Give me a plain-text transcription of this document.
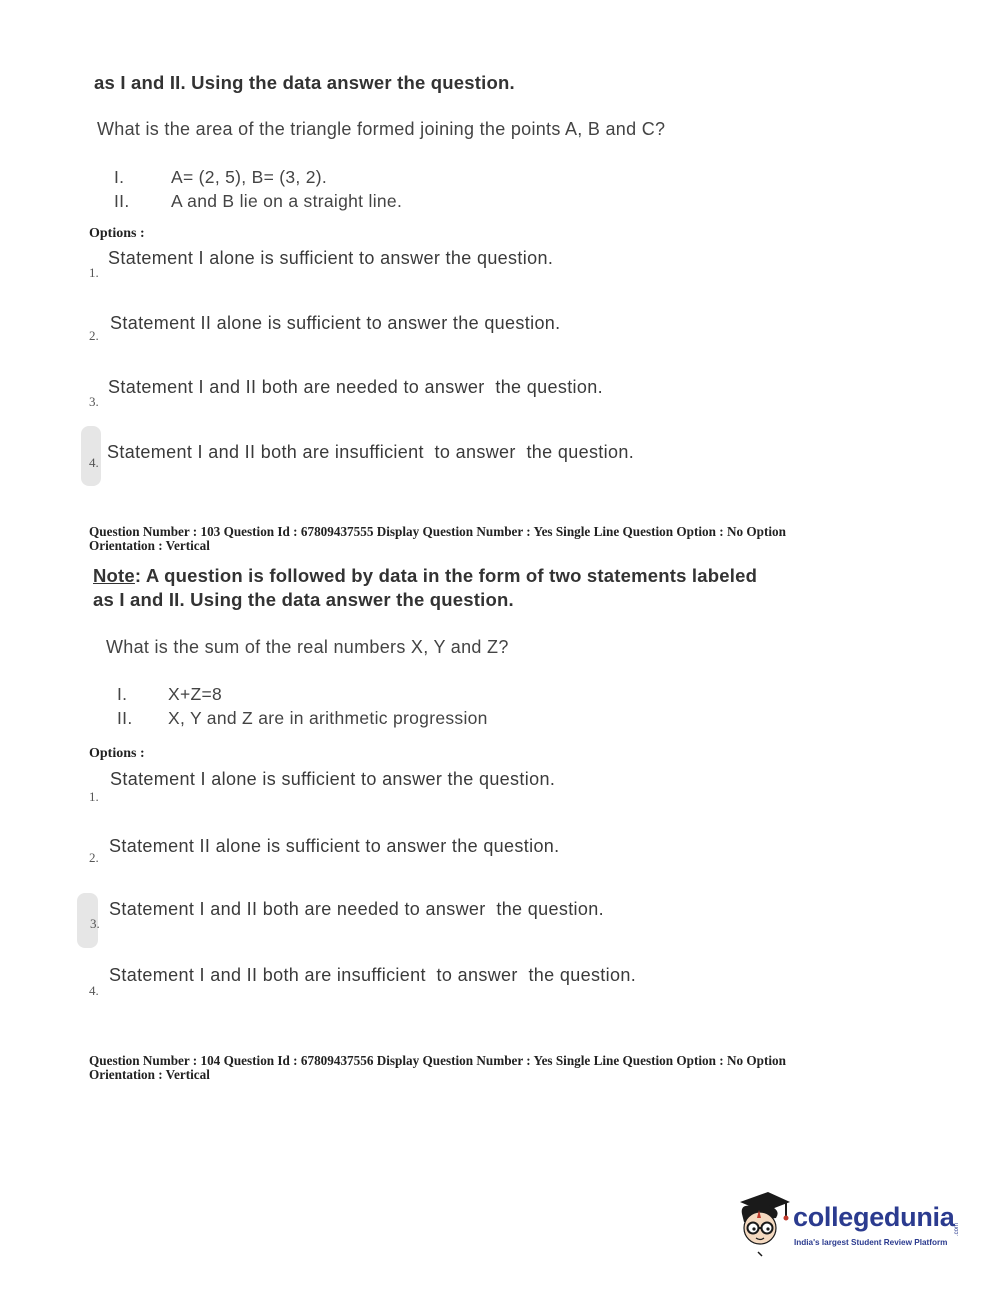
as I and II. Using the data answer the question.
What is the area of the triangle formed joining the points A, B and C?
I.	A= (2, 5), B= (3, 2).
II. A and B lie on a straight line.
Options :
1.
Statement I alone is sufficient to answer the question.
2.
Statement II alone is sufficient to answer the question.
3.
Statement I and II both are needed to answer  the question.
4.
Statement I and II both are insufficient  to answer  the question.
Question Number : 103 Question Id : 67809437555 Display Question Number : Yes Single Line Question Option : No Option
Orientation : Vertical
Note: A question is followed by data in the form of two statements labeled
as I and II. Using the data answer the question.
What is the sum of the real numbers X, Y and Z?
I. X+Z=8
II. X, Y and Z are in arithmetic progression
Options :
1.
Statement I alone is sufficient to answer the question.
2.
Statement II alone is sufficient to answer the question.
3.
Statement I and II both are needed to answer  the question.
4.
Statement I and II both are insufficient  to answer  the question.
Question Number : 104 Question Id : 67809437556 Display Question Number : Yes Single Line Question Option : No Option
Orientation : Vertical
collegedunia .com
India's largest Student Review Platform
